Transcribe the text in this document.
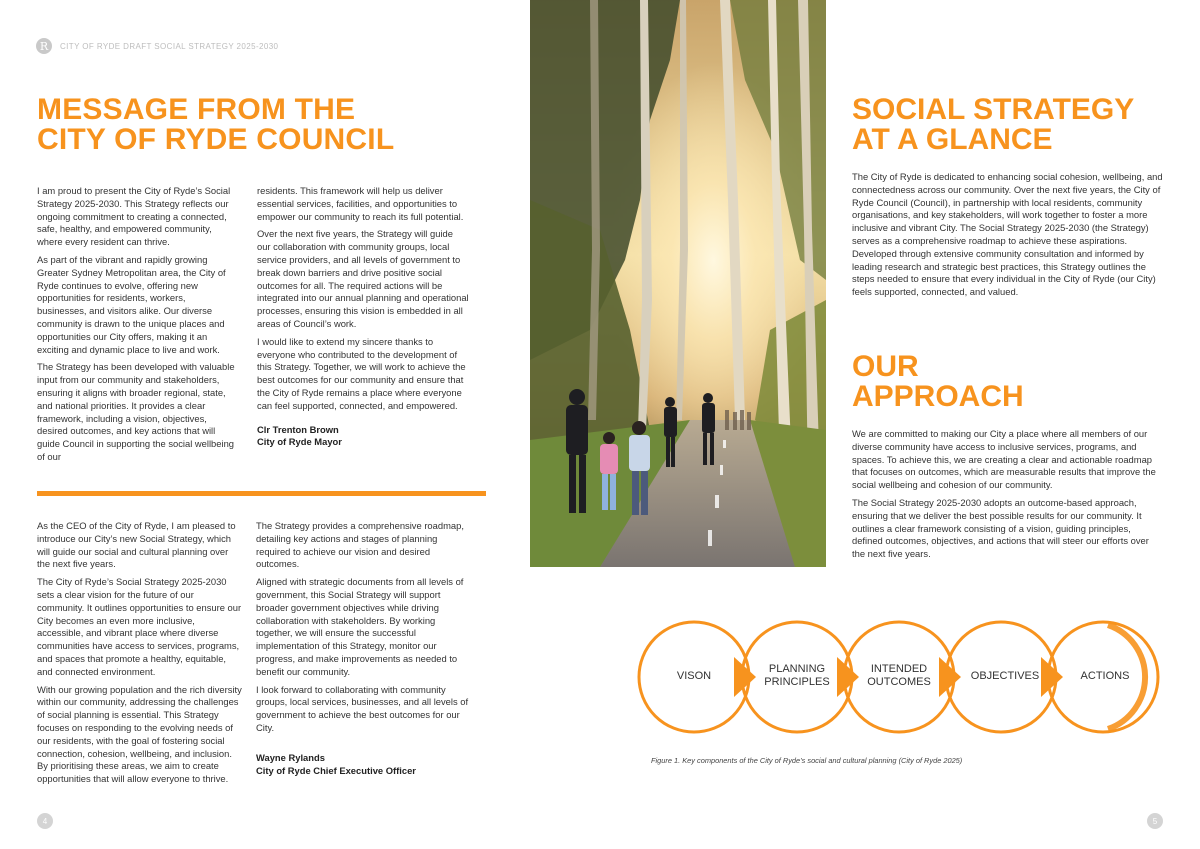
R	CITY OF RYDE DRAFT SOCIAL STRATEGY 2025-2030
MESSAGE FROM THE
CITY OF RYDE COUNCIL

I am proud to present the City of Ryde’s Social Strategy 2025-2030. This Strategy reflects our ongoing commitment to creating a connected, safe, healthy, and empowered community, where every resident can thrive.

As part of the vibrant and rapidly growing Greater Sydney Metropolitan area, the City of Ryde continues to evolve, offering new opportunities for residents, workers, businesses, and visitors alike. Our diverse community is drawn to the unique places and opportunities our City offers, making it an exciting and dynamic place to live and work.

The Strategy has been developed with valuable input from our community and stakeholders, ensuring it aligns with broader regional, state, and national priorities. It provides a clear framework, including a vision, objectives, desired outcomes, and key actions that will guide Council in supporting the social wellbeing of our

residents. This framework will help us deliver essential services, facilities, and opportunities to empower our community to reach its full potential.

Over the next five years, the Strategy will guide our collaboration with community groups, local service providers, and all levels of government to break down barriers and drive positive social outcomes for all. The required actions will be integrated into our annual planning and operational processes, ensuring this vision is embedded in all areas of Council’s work.

I would like to extend my sincere thanks to everyone who contributed to the development of this Strategy. Together, we will work to achieve the best outcomes for our community and ensure that the City of Ryde remains a place where everyone can feel supported, connected, and empowered.

Clr Trenton Brown
City of Ryde Mayor

As the CEO of the City of Ryde, I am pleased to introduce our City’s new Social Strategy, which will guide our social and cultural planning over the next five years.

The City of Ryde’s Social Strategy 2025-2030 sets a clear vision for the future of our community. It outlines opportunities to ensure our City becomes an even more inclusive, accessible, and vibrant place where diverse communities have access to services, programs, and spaces that promote a healthy, equitable, and connected environment.

With our growing population and the rich diversity within our community, addressing the challenges of social planning is essential. This Strategy focuses on responding to the evolving needs of our residents, with the goal of fostering social connection, cohesion, wellbeing, and inclusion. By prioritising these areas, we aim to create opportunities that will allow everyone to thrive.

The Strategy provides a comprehensive roadmap, detailing key actions and stages of planning required to achieve our vision and desired outcomes.

Aligned with strategic documents from all levels of government, this Social Strategy will support broader government objectives while driving collaboration with stakeholders. By working together, we will ensure the successful implementation of this Strategy, monitor our progress, and make improvements as needed to benefit our community.

I look forward to collaborating with community groups, local services, businesses, and all levels of government to achieve the best outcomes for our City.

Wayne Rylands
City of Ryde Chief Executive Officer
4
SOCIAL STRATEGY
AT A GLANCE

The City of Ryde is dedicated to enhancing social cohesion, wellbeing, and connectedness across our community. Over the next five years, the City of Ryde Council (Council), in partnership with local residents, community organisations, and key stakeholders, will work together to foster a more inclusive and vibrant City. The Social Strategy 2025-2030 (the Strategy) serves as a comprehensive roadmap to achieve these aspirations. Developed through extensive community consultation and informed by leading research and strategic best practices, this Strategy outlines the steps needed to ensure that every individual in the City of Ryde (our City) feels supported, connected, and valued.

OUR
APPROACH

We are committed to making our City a place where all members of our diverse community have access to inclusive services, programs, and spaces. To achieve this, we are creating a clear and actionable roadmap that focuses on outcomes, which are measurable results that improve the social wellbeing and cohesion of our community.

The Social Strategy 2025-2030 adopts an outcome-based approach, ensuring that we deliver the best possible results for our community. It outlines a clear framework consisting of a vision, guiding principles, defined outcomes, objectives, and actions that will steer our efforts over the next five years.

VISON
PLANNING
PRINCIPLES
INTENDED
OUTCOMES	OBJECTIVES	ACTIONS
Figure 1. Key components of the City of Ryde’s social and cultural planning (City of Ryde 2025)
5
